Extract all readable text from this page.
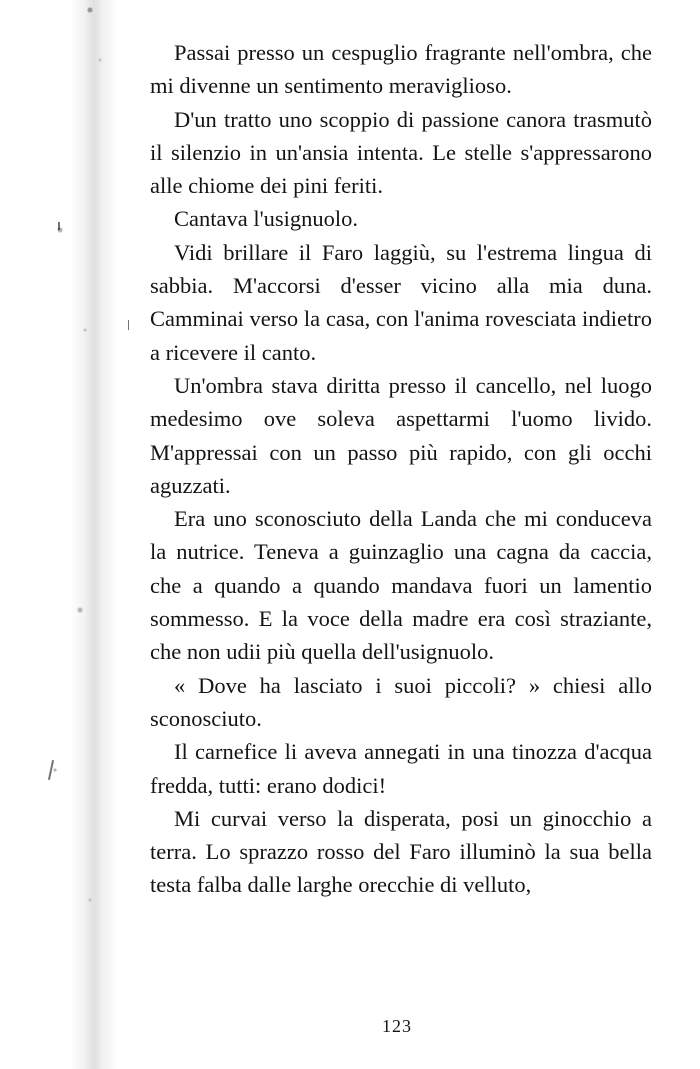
Passai presso un cespuglio fragrante nell'ombra, che mi divenne un sentimento meraviglioso.

D'un tratto uno scoppio di passione canora trasmutò il silenzio in un'ansia intenta. Le stelle s'appressarono alle chiome dei pini feriti.

Cantava l'usignuolo.

Vidi brillare il Faro laggiù, su l'estrema lingua di sabbia. M'accorsi d'esser vicino alla mia duna. Camminai verso la casa, con l'anima rovesciata indietro a ricevere il canto.

Un'ombra stava diritta presso il cancello, nel luogo medesimo ove soleva aspettarmi l'uomo livido. M'appressai con un passo più rapido, con gli occhi aguzzati.

Era uno sconosciuto della Landa che mi conduceva la nutrice. Teneva a guinzaglio una cagna da caccia, che a quando a quando mandava fuori un lamentio sommesso. E la voce della madre era così straziante, che non udii più quella dell'usignuolo.

« Dove ha lasciato i suoi piccoli? » chiesi allo sconosciuto.

Il carnefice li aveva annegati in una tinozza d'acqua fredda, tutti: erano dodici!

Mi curvai verso la disperata, posi un ginocchio a terra. Lo sprazzo rosso del Faro illuminò la sua bella testa falba dalle larghe orecchie di velluto,

123
